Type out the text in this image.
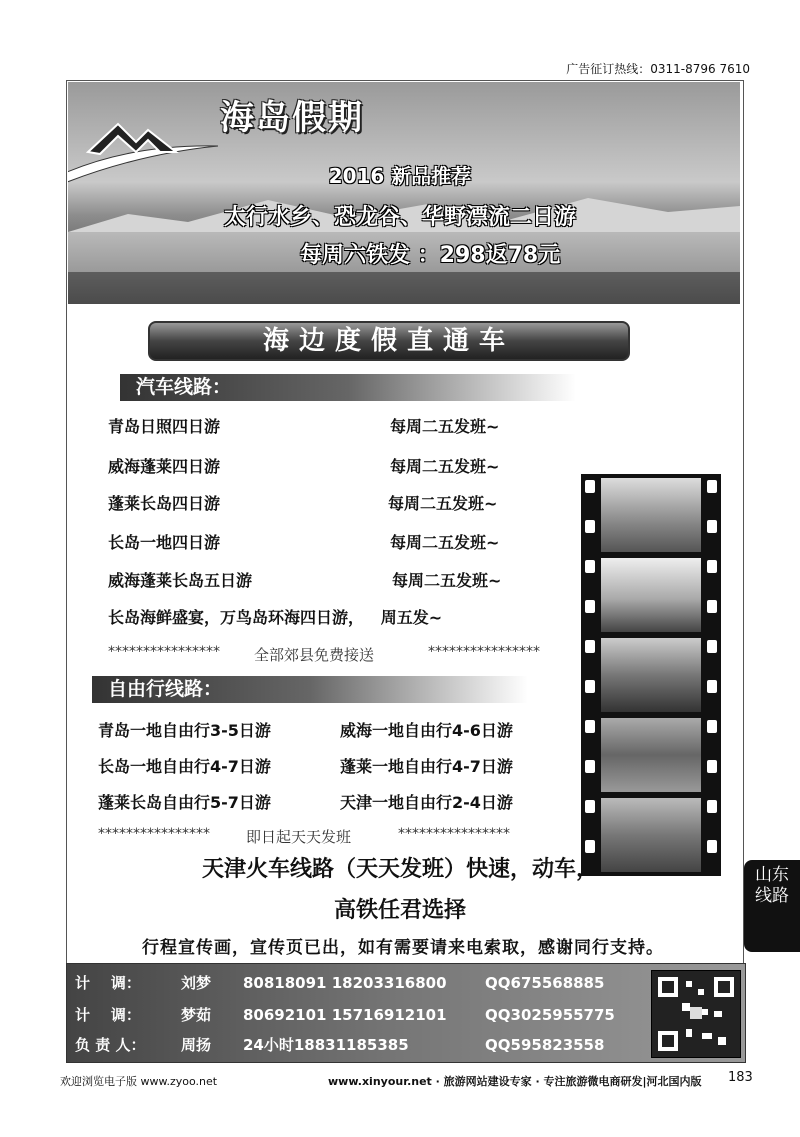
广告征订热线：0311-8796 7610
海岛假期
2016 新品推荐
太行水乡、恐龙谷、华野漂流二日游
每周六铁发 ：298返78元
海边度假直通车
汽车线路：
青岛日照四日游	每周二五发班~
威海蓬莱四日游	每周二五发班~
蓬莱长岛四日游	每周二五发班~
长岛一地四日游	每周二五发班~
威海蓬莱长岛五日游	每周二五发班~
长岛海鲜盛宴，万鸟岛环海四日游，   周五发~
**************** 全部郊县免费接送	****************
自由行线路：
青岛一地自由行3-5日游	威海一地自由行4-6日游
长岛一地自由行4-7日游	蓬莱一地自由行4-7日游
蓬莱长岛自由行5-7日游	天津一地自由行2-4日游
**************** 即日起天天发班	****************
天津火车线路（天天发班）快速，动车，
高铁任君选择
行程宣传画，宣传页已出，如有需要请来电索取，感谢同行支持。
计    调：	刘梦 80818091 18203316800	QQ675568885
计    调：	梦茹 80692101 15716912101	QQ3025955775
负 责 人： 周扬 24小时18831185385	QQ595823558
山东
线路
欢迎浏览电子版 www.zyoo.net	www.xinyour.net · 旅游网站建设专家 · 专注旅游微电商研发|河北国内版 183
